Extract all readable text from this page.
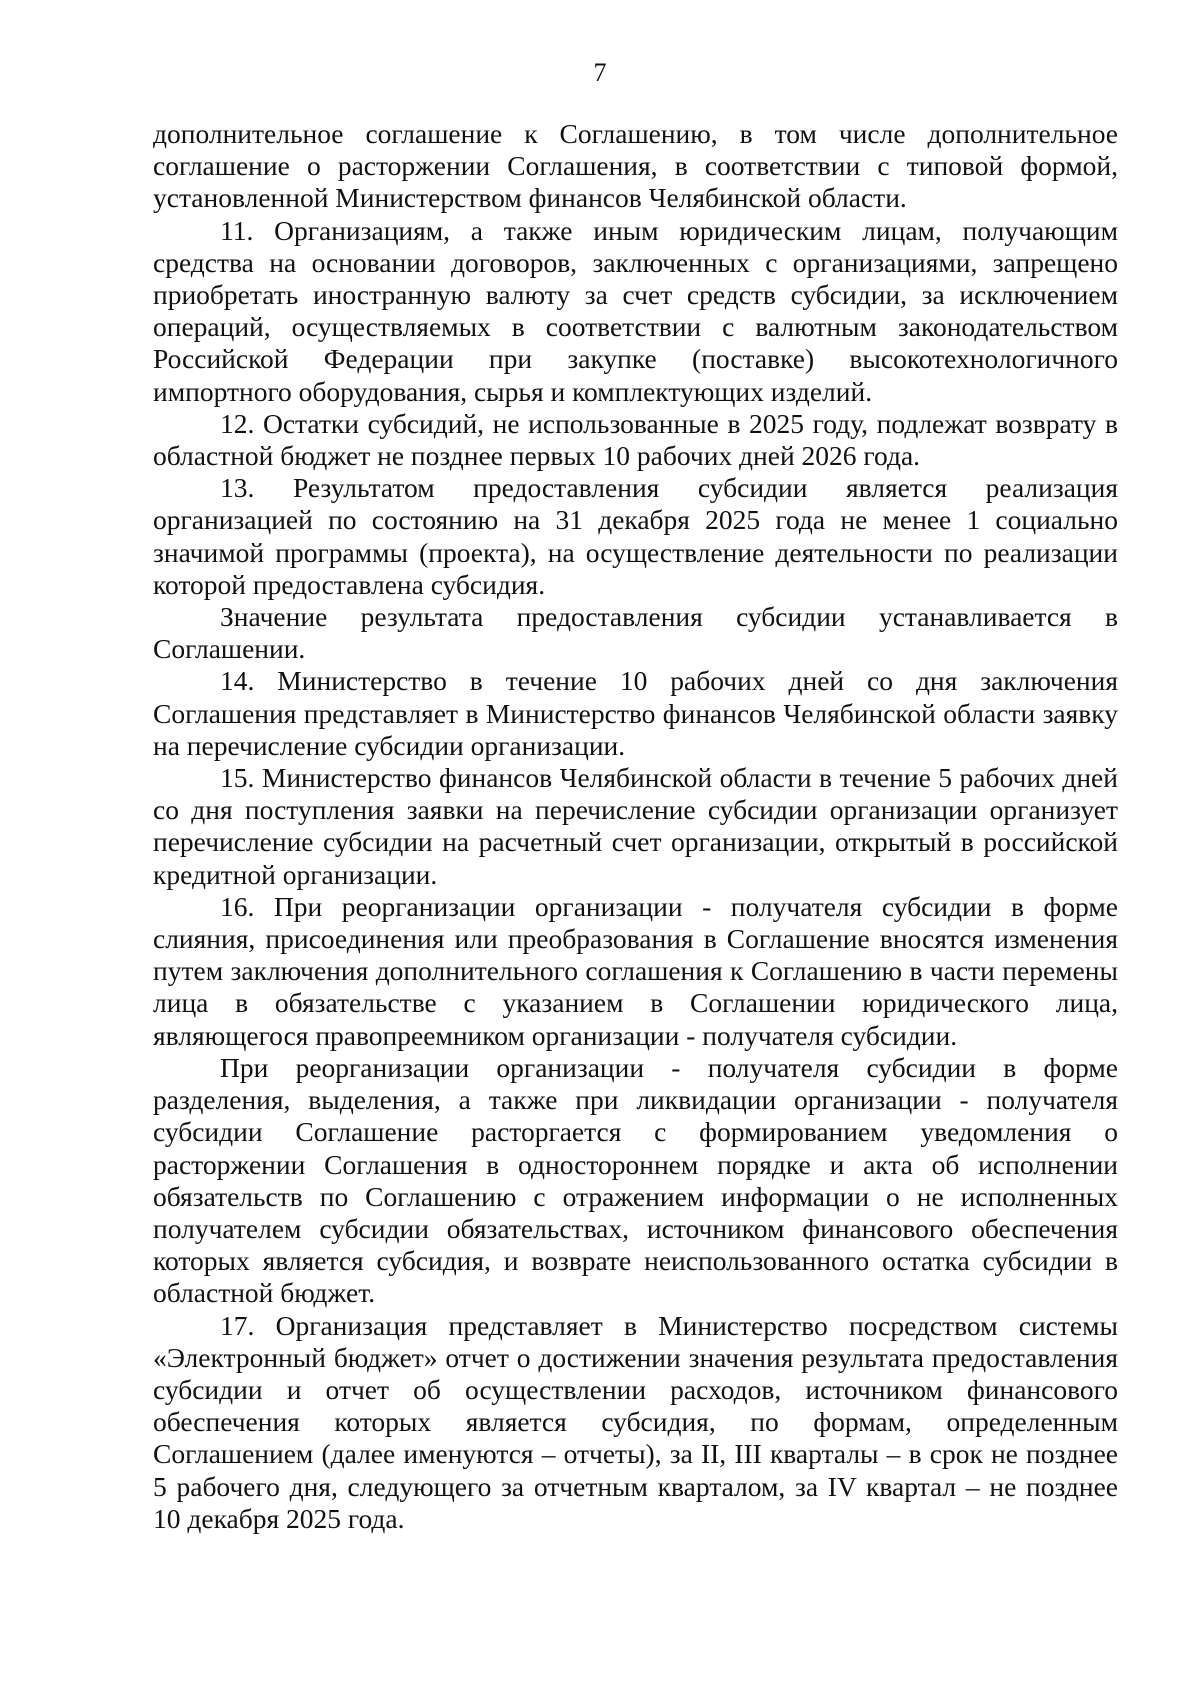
7

дополнительное соглашение к Соглашению, в том числе дополнительное соглашение о расторжении Соглашения, в соответствии с типовой формой, установленной Министерством финансов Челябинской области.

11. Организациям, а также иным юридическим лицам, получающим средства на основании договоров, заключенных с организациями, запрещено приобретать иностранную валюту за счет средств субсидии, за исключением операций, осуществляемых в соответствии с валютным законодательством Российской Федерации при закупке (поставке) высокотехнологичного импортного оборудования, сырья и комплектующих изделий.

12. Остатки субсидий, не использованные в 2025 году, подлежат возврату в областной бюджет не позднее первых 10 рабочих дней 2026 года.

13. Результатом предоставления субсидии является реализация организацией по состоянию на 31 декабря 2025 года не менее 1 социально значимой программы (проекта), на осуществление деятельности по реализации которой предоставлена субсидия.

Значение результата предоставления субсидии устанавливается в Соглашении.

14. Министерство в течение 10 рабочих дней со дня заключения Соглашения представляет в Министерство финансов Челябинской области заявку на перечисление субсидии организации.

15. Министерство финансов Челябинской области в течение 5 рабочих дней со дня поступления заявки на перечисление субсидии организации организует перечисление субсидии на расчетный счет организации, открытый в российской кредитной организации.

16. При реорганизации организации - получателя субсидии в форме слияния, присоединения или преобразования в Соглашение вносятся изменения путем заключения дополнительного соглашения к Соглашению в части перемены лица в обязательстве с указанием в Соглашении юридического лица, являющегося правопреемником организации - получателя субсидии.

При реорганизации организации - получателя субсидии в форме разделения, выделения, а также при ликвидации организации - получателя субсидии Соглашение расторгается с формированием уведомления о расторжении Соглашения в одностороннем порядке и акта об исполнении обязательств по Соглашению с отражением информации о не исполненных получателем субсидии обязательствах, источником финансового обеспечения которых является субсидия, и возврате неиспользованного остатка субсидии в областной бюджет.

17. Организация представляет в Министерство посредством системы «Электронный бюджет» отчет о достижении значения результата предоставления субсидии и отчет об осуществлении расходов, источником финансового обеспечения которых является субсидия, по формам, определенным Соглашением (далее именуются – отчеты), за II, III кварталы – в срок не позднее 5 рабочего дня, следующего за отчетным кварталом, за IV квартал – не позднее 10 декабря 2025 года.
